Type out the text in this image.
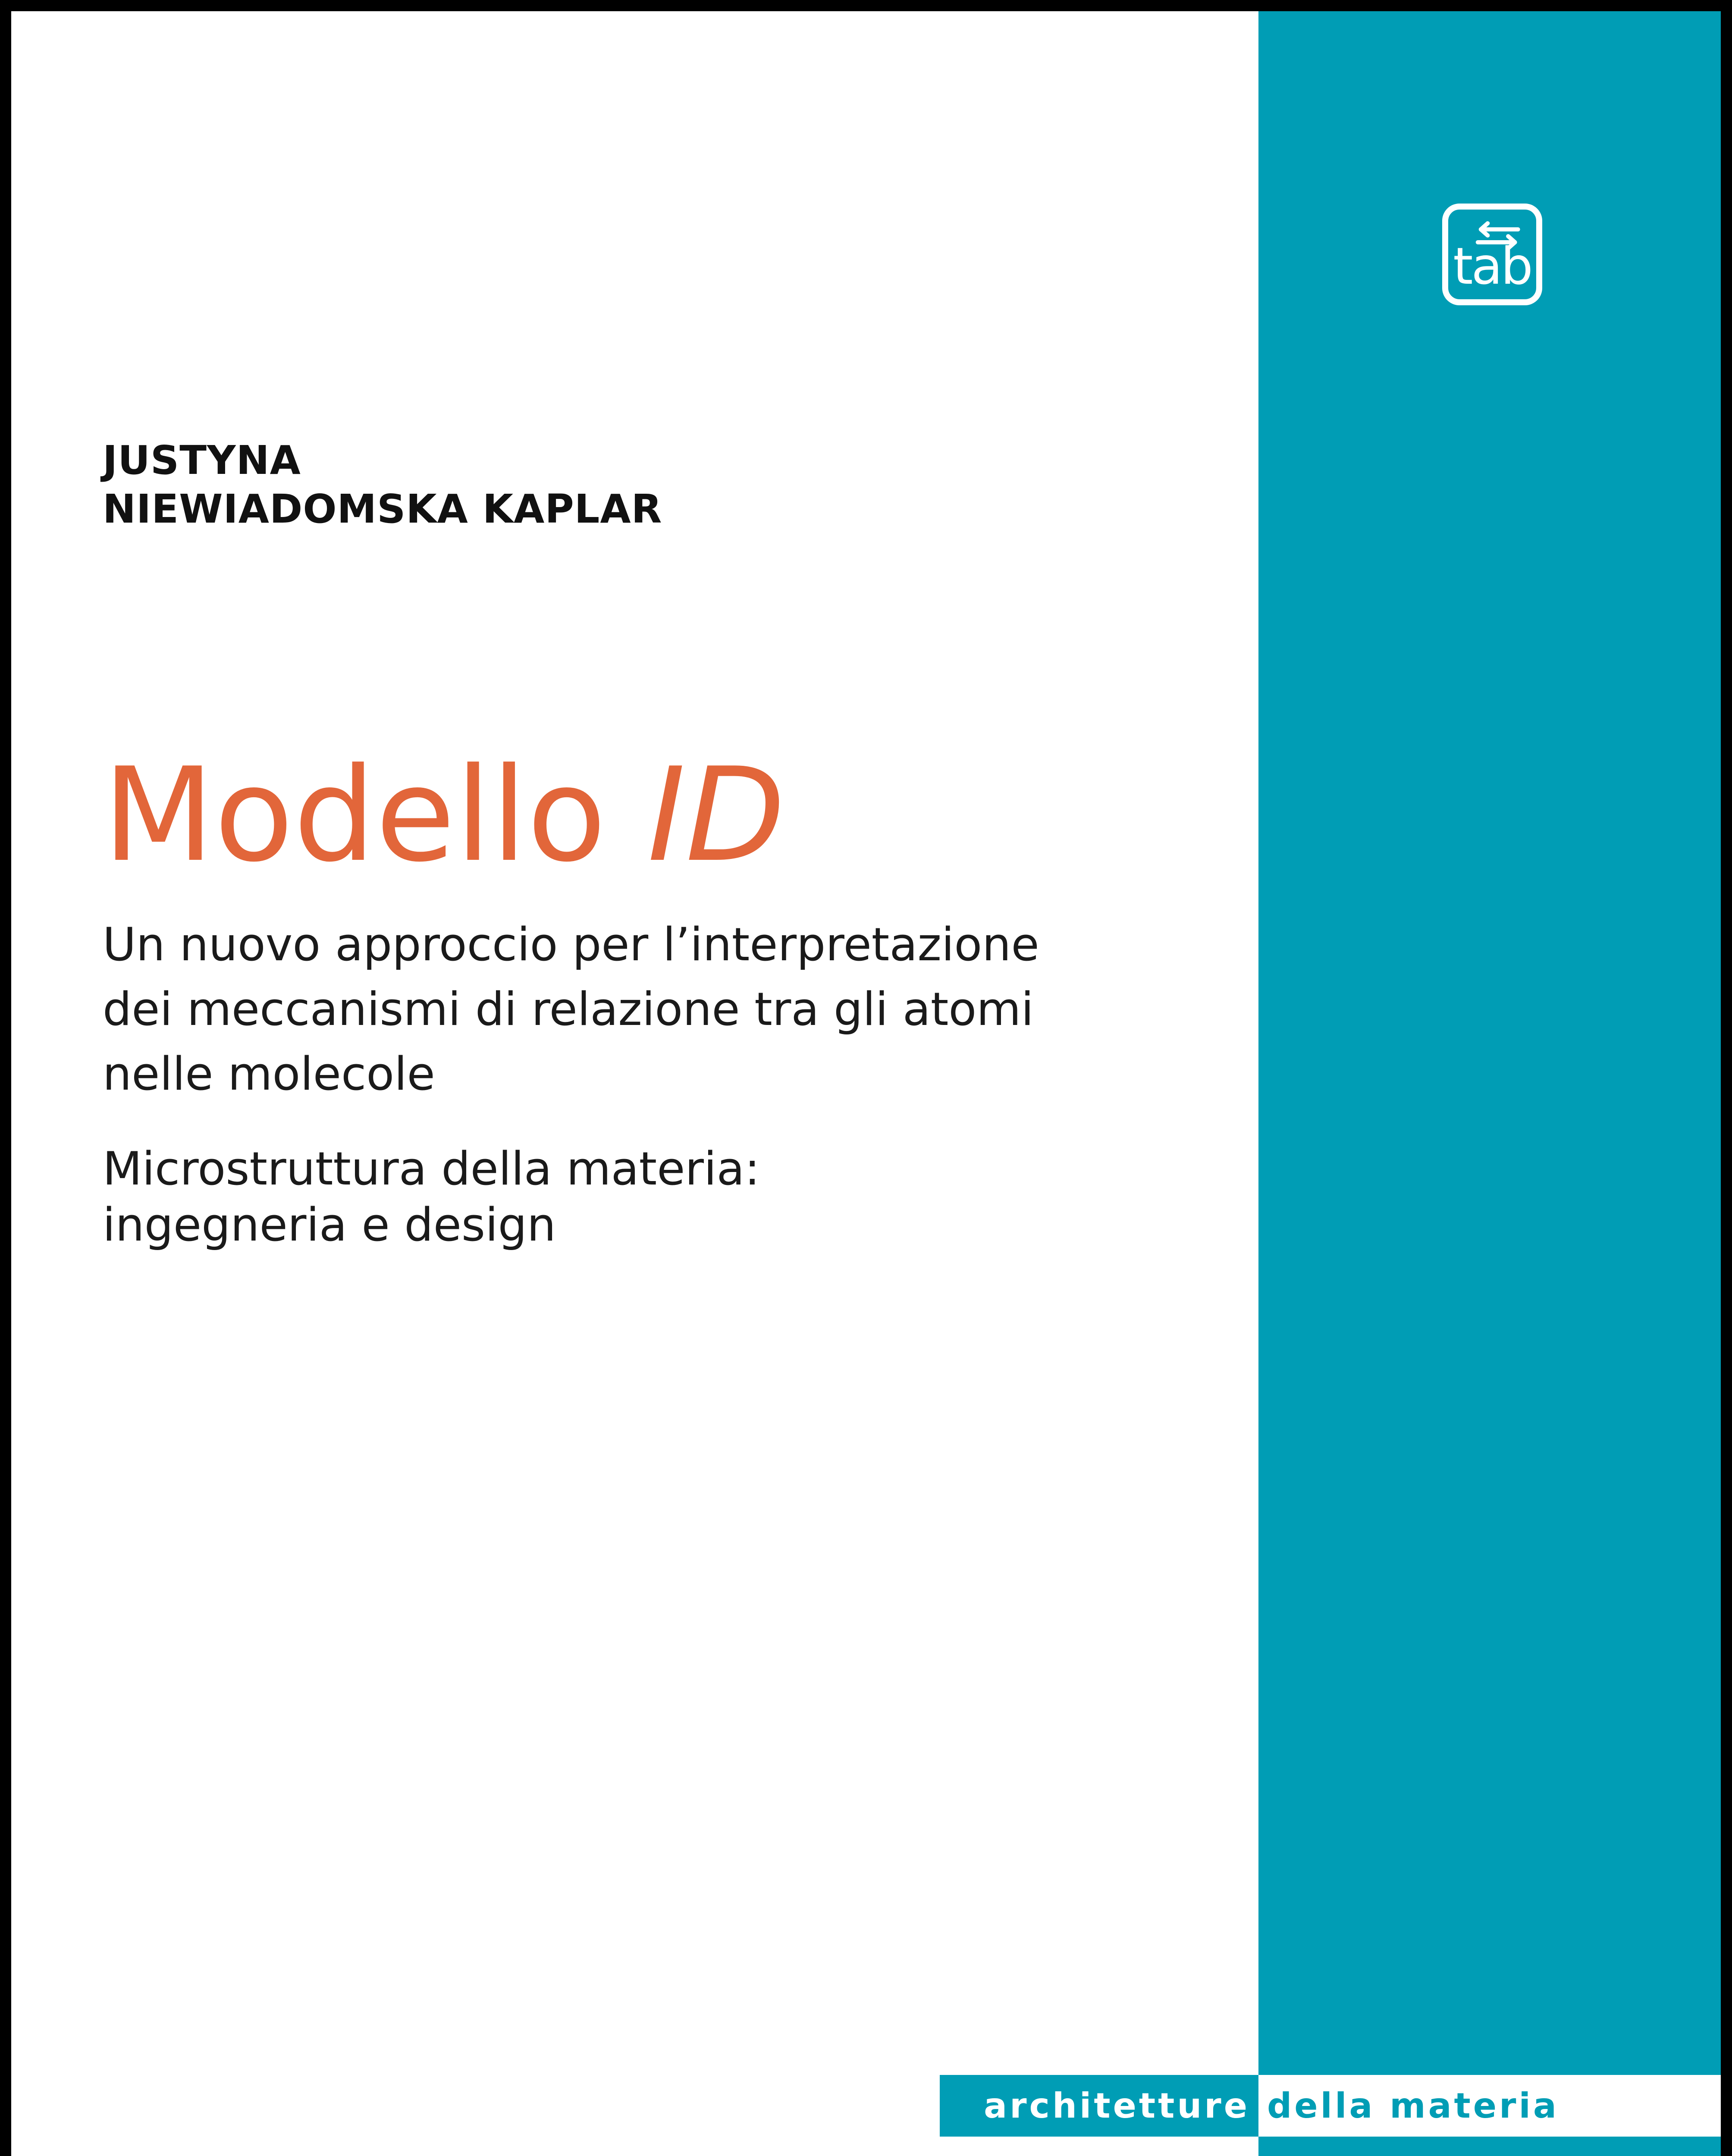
tab
JUSTYNA
NIEWIADOMSKA KAPLAR
Modello ID
Un nuovo approccio per l’interpretazione
dei meccanismi di relazione tra gli atomi
nelle molecole
Microstruttura della materia:
ingegneria e design
architetture della materia
